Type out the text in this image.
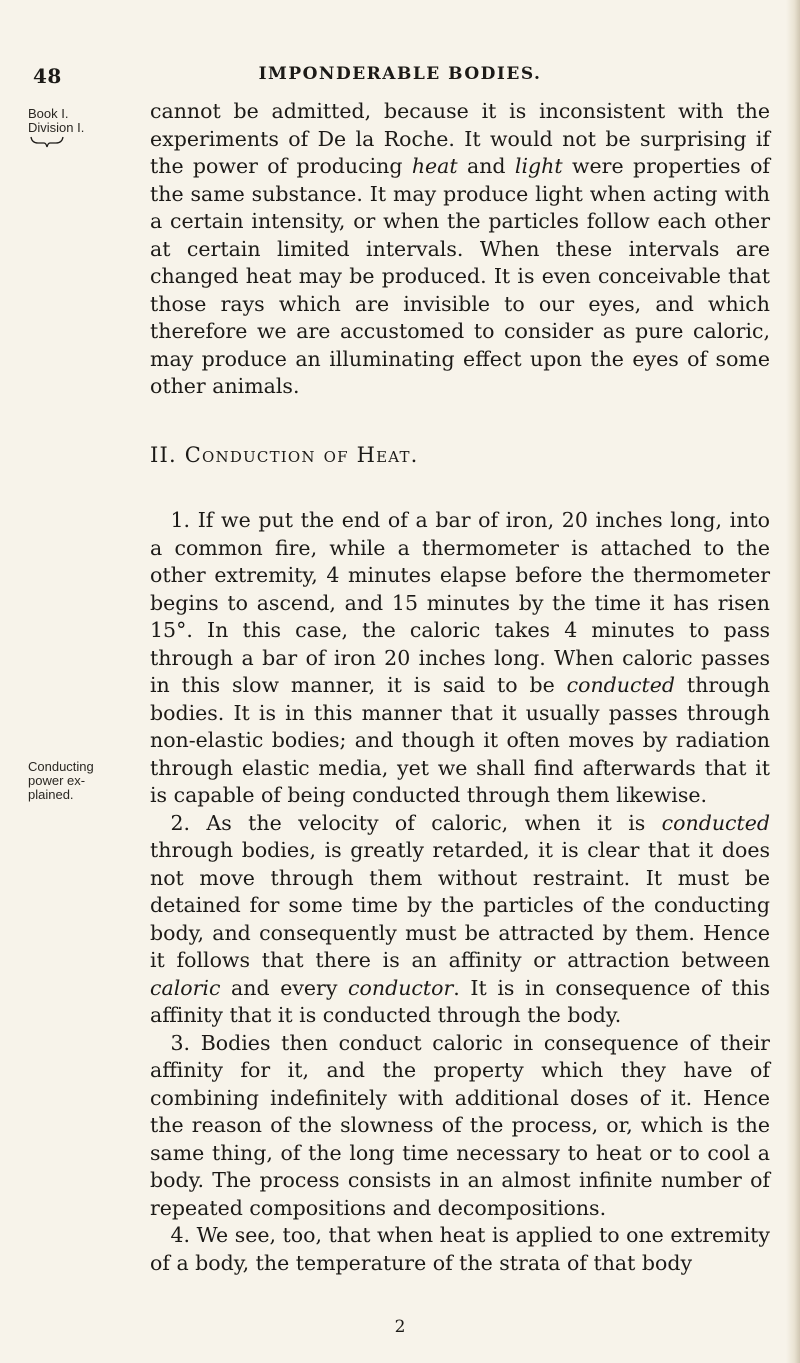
48	IMPONDERABLE BODIES.
Book I.
Division I.
Conducting
power ex-
plained.

cannot be admitted, because it is inconsistent with the experiments of De la Roche. It would not be surprising if the power of producing heat and light were properties of the same substance. It may produce light when acting with a certain intensity, or when the particles follow each other at certain limited intervals. When these intervals are changed heat may be produced. It is even conceivable that those rays which are invisible to our eyes, and which therefore we are accustomed to consider as pure caloric, may produce an illuminating effect upon the eyes of some other animals.

II. Conduction of Heat.

1. If we put the end of a bar of iron, 20 inches long, into a common fire, while a thermometer is attached to the other extremity, 4 minutes elapse before the thermometer begins to ascend, and 15 minutes by the time it has risen 15°. In this case, the caloric takes 4 minutes to pass through a bar of iron 20 inches long. When caloric passes in this slow manner, it is said to be conducted through bodies. It is in this manner that it usually passes through non-elastic bodies; and though it often moves by radiation through elastic media, yet we shall find afterwards that it is capable of being conducted through them likewise.

2. As the velocity of caloric, when it is conducted through bodies, is greatly retarded, it is clear that it does not move through them without restraint. It must be detained for some time by the particles of the conducting body, and consequently must be attracted by them. Hence it follows that there is an affinity or attraction between caloric and every conductor. It is in consequence of this affinity that it is conducted through the body.

3. Bodies then conduct caloric in consequence of their affinity for it, and the property which they have of combining indefinitely with additional doses of it. Hence the reason of the slowness of the process, or, which is the same thing, of the long time necessary to heat or to cool a body. The process consists in an almost infinite number of repeated compositions and decompositions.

4. We see, too, that when heat is applied to one extremity of a body, the temperature of the strata of that body

2
